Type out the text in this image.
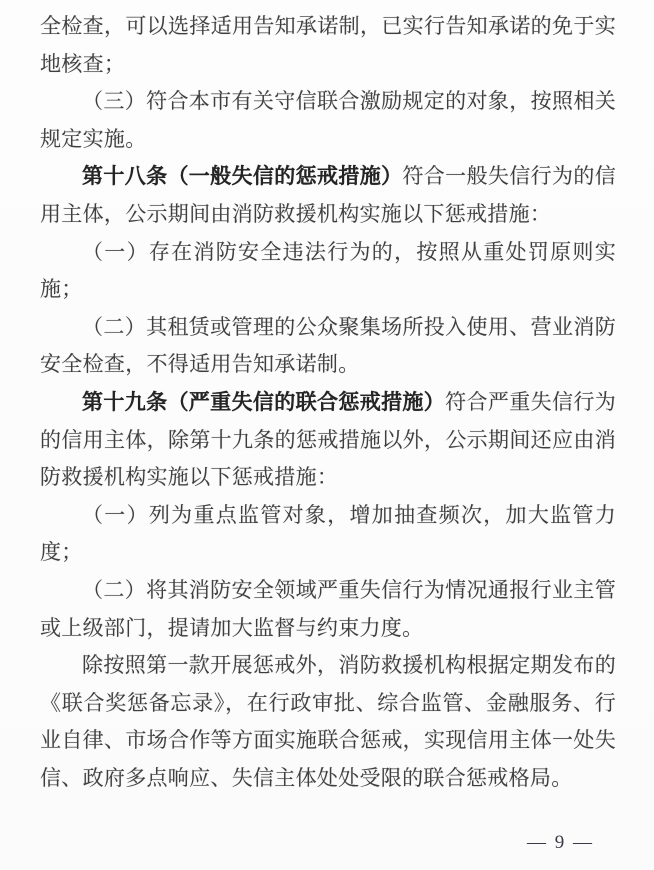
全检查，可以选择适用告知承诺制，已实行告知承诺的免于实地核查；

（三）符合本市有关守信联合激励规定的对象，按照相关规定实施。

第十八条（一般失信的惩戒措施）符合一般失信行为的信用主体，公示期间由消防救援机构实施以下惩戒措施：

（一）存在消防安全违法行为的，按照从重处罚原则实施；

（二）其租赁或管理的公众聚集场所投入使用、营业消防安全检查，不得适用告知承诺制。

第十九条（严重失信的联合惩戒措施）符合严重失信行为的信用主体，除第十九条的惩戒措施以外，公示期间还应由消防救援机构实施以下惩戒措施：

（一）列为重点监管对象，增加抽查频次，加大监管力度；

（二）将其消防安全领域严重失信行为情况通报行业主管或上级部门，提请加大监督与约束力度。

除按照第一款开展惩戒外，消防救援机构根据定期发布的《联合奖惩备忘录》，在行政审批、综合监管、金融服务、行业自律、市场合作等方面实施联合惩戒，实现信用主体一处失信、政府多点响应、失信主体处处受限的联合惩戒格局。

— 9 —
